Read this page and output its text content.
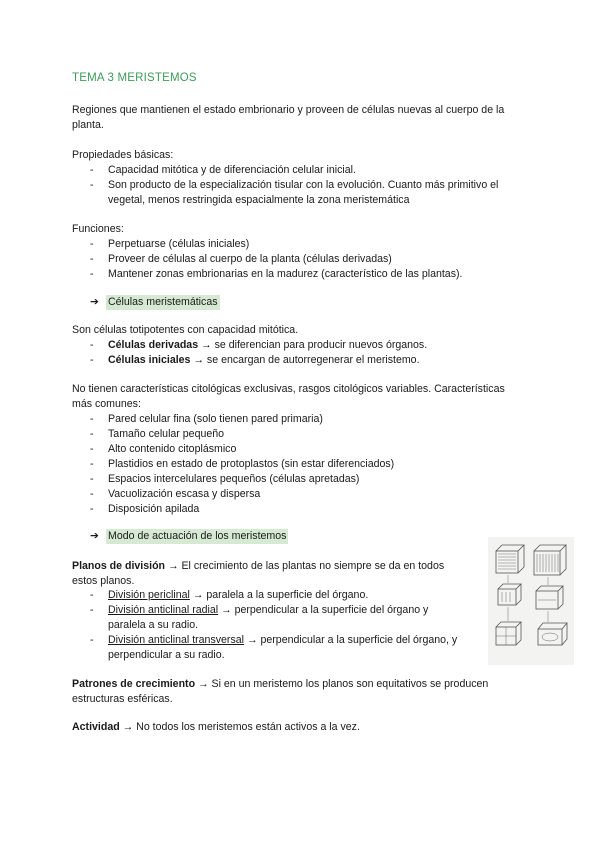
TEMA 3 MERISTEMOS
Regiones que mantienen el estado embrionario y proveen de células nuevas al cuerpo de la
planta.
Propiedades básicas:
- Capacidad mitótica y de diferenciación celular inicial.
- Son producto de la especialización tisular con la evolución. Cuanto más primitivo el
vegetal, menos restringida espacialmente la zona meristemática
Funciones:
- Perpetuarse (células iniciales)
- Proveer de células al cuerpo de la planta (células derivadas)
- Mantener zonas embrionarias en la madurez (característico de las plantas).
➔ Células meristemáticas
Son células totipotentes con capacidad mitótica.
- Células derivadas → se diferencian para producir nuevos órganos.
- Células iniciales → se encargan de autorregenerar el meristemo.
No tienen características citológicas exclusivas, rasgos citológicos variables. Características
más comunes:
- Pared celular fina (solo tienen pared primaria)
- Tamaño celular pequeño
- Alto contenido citoplásmico
- Plastidios en estado de protoplastos (sin estar diferenciados)
- Espacios intercelulares pequeños (células apretadas)
- Vacuolización escasa y dispersa
- Disposición apilada
➔ Modo de actuación de los meristemos
Planos de división → El crecimiento de las plantas no siempre se da en todos
estos planos.
- División periclinal → paralela a la superficie del órgano.
- División anticlinal radial → perpendicular a la superficie del órgano y
paralela a su radio.
- División anticlinal transversal → perpendicular a la superficie del órgano, y
perpendicular a su radio.
Patrones de crecimiento → Si en un meristemo los planos son equitativos se producen
estructuras esféricas.
Actividad → No todos los meristemos están activos a la vez.
